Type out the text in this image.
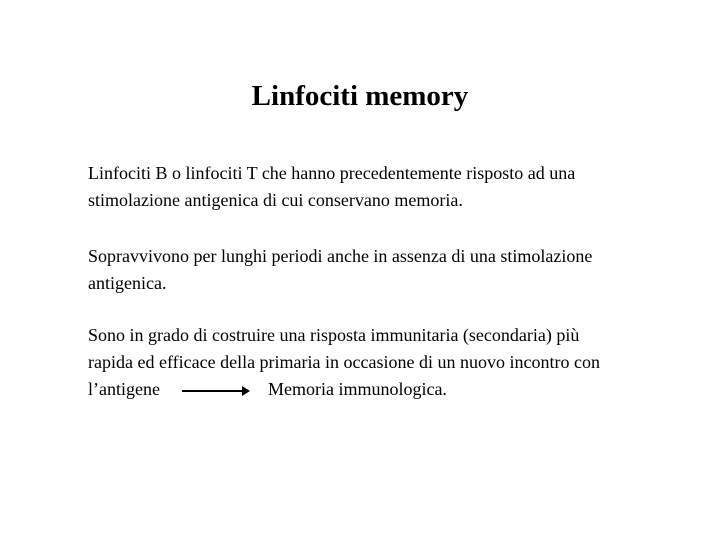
Linfociti memory
Linfociti B o linfociti T che hanno precedentemente risposto ad una
stimolazione antigenica di cui conservano memoria.
Sopravvivono per lunghi periodi anche in assenza di una stimolazione
antigenica.
Sono in grado di costruire una risposta immunitaria (secondaria) più
rapida ed efficace della primaria in occasione di un nuovo incontro con
l’antigene	Memoria immunologica.
